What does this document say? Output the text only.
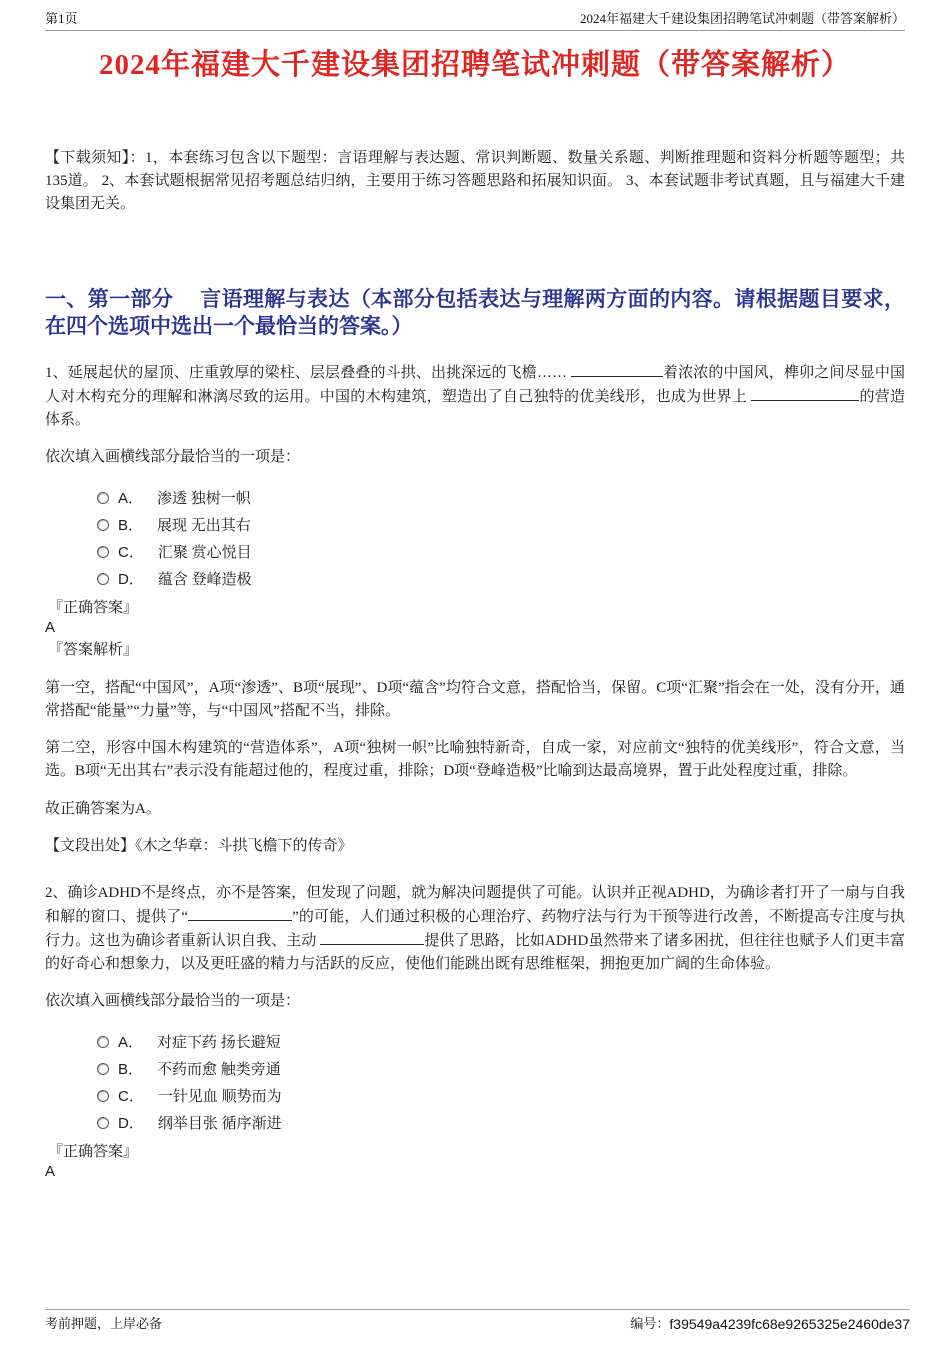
第1页	2024年福建大千建设集团招聘笔试冲刺题（带答案解析）
2024年福建大千建设集团招聘笔试冲刺题（带答案解析）

【下载须知】：1，本套练习包含以下题型：言语理解与表达题、常识判断题、数量关系题、判断推理题和资料分析题等题型；共135道。 2、本套试题根据常见招考题总结归纳，主要用于练习答题思路和拓展知识面。 3、本套试题非考试真题，且与福建大千建设集团无关。

一、第一部分　 言语理解与表达（本部分包括表达与理解两方面的内容。请根据题目要求，在四个选项中选出一个最恰当的答案。）

1、延展起伏的屋顶、庄重敦厚的梁柱、层层叠叠的斗拱、出挑深远的飞檐……	着浓浓的中国风，榫卯之间尽显中国人对木构充分的理解和淋漓尽致的运用。中国的木构建筑，塑造出了自己独特的优美线形，也成为世界上	的营造体系。

依次填入画横线部分最恰当的一项是：

A． 渗透 独树一帜
B． 展现 无出其右
C． 汇聚 赏心悦目
D． 蕴含 登峰造极
『正确答案』
A
『答案解析』

第一空，搭配“中国风”，A项“渗透”、B项“展现”、D项“蕴含”均符合文意，搭配恰当，保留。C项“汇聚”指会在一处，没有分开，通常搭配“能量”“力量”等，与“中国风”搭配不当，排除。

第二空，形容中国木构建筑的“营造体系”，A项“独树一帜”比喻独特新奇，自成一家，对应前文“独特的优美线形”，符合文意，当选。B项“无出其右”表示没有能超过他的，程度过重，排除；D项“登峰造极”比喻到达最高境界，置于此处程度过重，排除。

故正确答案为A。

【文段出处】《木之华章：斗拱飞檐下的传奇》

2、确诊ADHD不是终点，亦不是答案，但发现了问题，就为解决问题提供了可能。认识并正视ADHD，为确诊者打开了一扇与自我和解的窗口、提供了“	”的可能，人们通过积极的心理治疗、药物疗法与行为干预等进行改善，不断提高专注度与执行力。这也为确诊者重新认识自我、主动	提供了思路，比如ADHD虽然带来了诸多困扰，但往往也赋予人们更丰富的好奇心和想象力，以及更旺盛的精力与活跃的反应，使他们能跳出既有思维框架，拥抱更加广阔的生命体验。

依次填入画横线部分最恰当的一项是：

A． 对症下药 扬长避短
B． 不药而愈 触类旁通
C． 一针见血 顺势而为
D． 纲举目张 循序渐进
『正确答案』
A
考前押题，上岸必备	编号： f39549a4239fc68e9265325e2460de37
